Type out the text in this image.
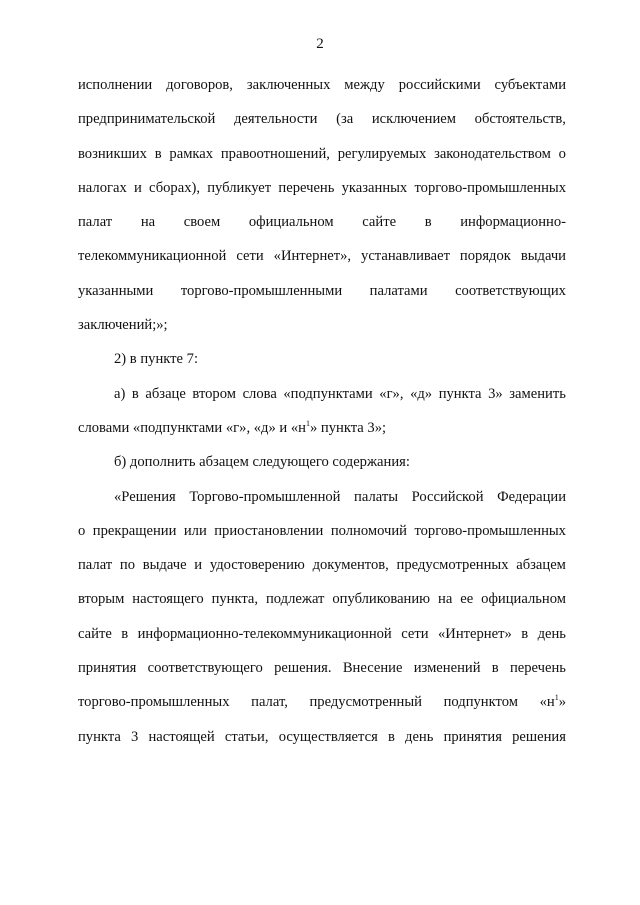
2
исполнении договоров, заключенных между российскими субъектами
предпринимательской деятельности (за исключением обстоятельств,
возникших в рамках правоотношений, регулируемых законодательством о
налогах и сборах), публикует перечень указанных торгово-промышленных
палат на своем официальном сайте в информационно-
телекоммуникационной сети «Интернет», устанавливает порядок выдачи
указанными торгово-промышленными палатами соответствующих
заключений;»;
2) в пункте 7:
а) в абзаце втором слова «подпунктами «г», «д» пункта 3» заменить
словами «подпунктами «г», «д» и «$н^1$» пункта 3»;
б) дополнить абзацем следующего содержания:
«Решения Торгово-промышленной палаты Российской Федерации
о прекращении или приостановлении полномочий торгово-промышленных
палат по выдаче и удостоверению документов, предусмотренных абзацем
вторым настоящего пункта, подлежат опубликованию на ее официальном
сайте в информационно-телекоммуникационной сети «Интернет» в день
принятия соответствующего решения. Внесение изменений в перечень
торгово-промышленных палат, предусмотренный подпунктом «$н^1$»
пункта 3 настоящей статьи, осуществляется в день принятия решения
